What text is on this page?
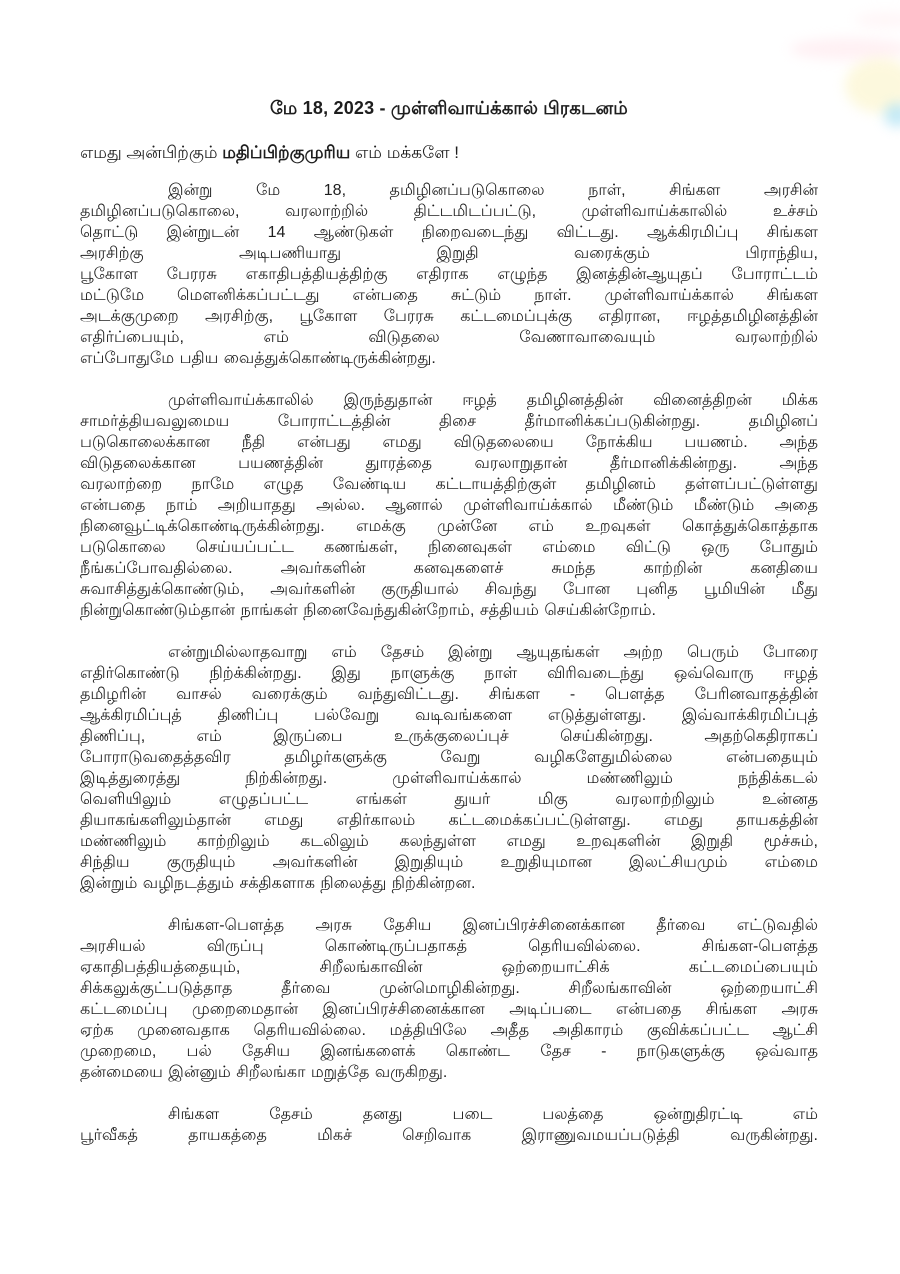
மே 18, 2023 - முள்ளிவாய்க்கால் பிரகடனம்
எமது அன்பிற்கும் மதிப்பிற்குமுரிய எம் மக்களே !
இன்று மே 18, தமிழினப்படுகொலை நாள், சிங்கள அரசின்
தமிழினப்படுகொலை, வரலாற்றில் திட்டமிடப்பட்டு, முள்ளிவாய்க்காலில் உச்சம்
தொட்டு இன்றுடன் 14 ஆண்டுகள் நிறைவடைந்து விட்டது. ஆக்கிரமிப்பு சிங்கள
அரசிற்கு அடிபணியாது இறுதி வரைக்கும் பிராந்திய,
பூகோள பேரரசு எகாதிபத்தியத்திற்கு எதிராக எழுந்த இனத்தின்ஆயுதப் போராட்டம்
மட்டுமே மௌனிக்கப்பட்டது என்பதை சுட்டும் நாள். முள்ளிவாய்க்கால் சிங்கள
அடக்குமுறை அரசிற்கு, பூகோள பேரரசு கட்டமைப்புக்கு எதிரான, ஈழத்தமிழினத்தின்
எதிர்ப்பையும், எம் விடுதலை வேணாவாவையும் வரலாற்றில்
எப்போதுமே பதிய வைத்துக்கொண்டிருக்கின்றது.
முள்ளிவாய்க்காலில் இருந்துதான் ஈழத் தமிழினத்தின் வினைத்திறன் மிக்க
சாமர்த்தியவலுமைய போராட்டத்தின் திசை தீர்மானிக்கப்படுகின்றது. தமிழினப்
படுகொலைக்கான நீதி என்பது எமது விடுதலையை நோக்கிய பயணம். அந்த
விடுதலைக்கான பயணத்தின் துாரத்தை வரலாறுதான் தீர்மானிக்கின்றது. அந்த
வரலாற்றை நாமே எழுத வேண்டிய கட்டாயத்திற்குள் தமிழினம் தள்ளப்பட்டுள்ளது
என்பதை நாம் அறியாதது அல்ல. ஆனால் முள்ளிவாய்க்கால் மீண்டும் மீண்டும் அதை
நினைவூட்டிக்கொண்டிருக்கின்றது. எமக்கு முன்னே எம் உறவுகள் கொத்துக்கொத்தாக
படுகொலை செய்யப்பட்ட கணங்கள், நினைவுகள் எம்மை விட்டு ஒரு போதும்
நீங்கப்போவதில்லை. அவர்களின் கனவுகளைச் சுமந்த காற்றின் கனதியை
சுவாசித்துக்கொண்டும், அவர்களின் குருதியால் சிவந்து போன புனித பூமியின் மீது
நின்றுகொண்டும்தான் நாங்கள் நினைவேந்துகின்றோம், சத்தியம் செய்கின்றோம்.
என்றுமில்லாதவாறு எம் தேசம் இன்று ஆயுதங்கள் அற்ற பெரும் போரை
எதிர்கொண்டு நிற்க்கின்றது. இது நாளுக்கு நாள் விரிவடைந்து ஒவ்வொரு ஈழத்
தமிழரின் வாசல் வரைக்கும் வந்துவிட்டது. சிங்கள - பௌத்த பேரினவாதத்தின்
ஆக்கிரமிப்புத் திணிப்பு பல்வேறு வடிவங்களை எடுத்துள்ளது. இவ்வாக்கிரமிப்புத்
திணிப்பு, எம் இருப்பை உருக்குலைப்புச் செய்கின்றது. அதற்கெதிராகப்
போராடுவதைத்தவிர தமிழர்களுக்கு வேறு வழிகளேதுமில்லை என்பதையும்
இடித்துரைத்து நிற்கின்றது. முள்ளிவாய்க்கால் மண்ணிலும் நந்திக்கடல்
வெளியிலும் எழுதப்பட்ட எங்கள் துயர் மிகு வரலாற்றிலும் உன்னத
தியாகங்களிலும்தான் எமது எதிர்காலம் கட்டமைக்கப்பட்டுள்ளது. எமது தாயகத்தின்
மண்ணிலும் காற்றிலும் கடலிலும் கலந்துள்ள எமது உறவுகளின் இறுதி மூச்சும்,
சிந்திய குருதியும் அவர்களின் இறுதியும் உறுதியுமான இலட்சியமும் எம்மை
இன்றும் வழிநடத்தும் சக்திகளாக நிலைத்து நிற்கின்றன.
சிங்கள-பௌத்த அரசு தேசிய இனப்பிரச்சினைக்கான தீர்வை எட்டுவதில்
அரசியல் விருப்பு கொண்டிருப்பதாகத் தெரியவில்லை. சிங்கள-பௌத்த
ஏகாதிபத்தியத்தையும், சிறீலங்காவின் ஒற்றையாட்சிக் கட்டமைப்பையும்
சிக்கலுக்குட்படுத்தாத தீர்வை முன்மொழிகின்றது. சிறீலங்காவின் ஒற்றையாட்சி
கட்டமைப்பு முறைமைதான் இனப்பிரச்சினைக்கான அடிப்படை என்பதை சிங்கள அரசு
ஏற்க முனைவதாக தெரியவில்லை. மத்தியிலே அதீத அதிகாரம் குவிக்கப்பட்ட ஆட்சி
முறைமை, பல் தேசிய இனங்களைக் கொண்ட தேச - நாடுகளுக்கு ஒவ்வாத
தன்மையை இன்னும் சிறீலங்கா மறுத்தே வருகிறது.
சிங்கள தேசம் தனது படை பலத்தை ஒன்றுதிரட்டி எம்
பூர்வீகத் தாயகத்தை மிகச் செறிவாக இராணுவமயப்படுத்தி வருகின்றது.
